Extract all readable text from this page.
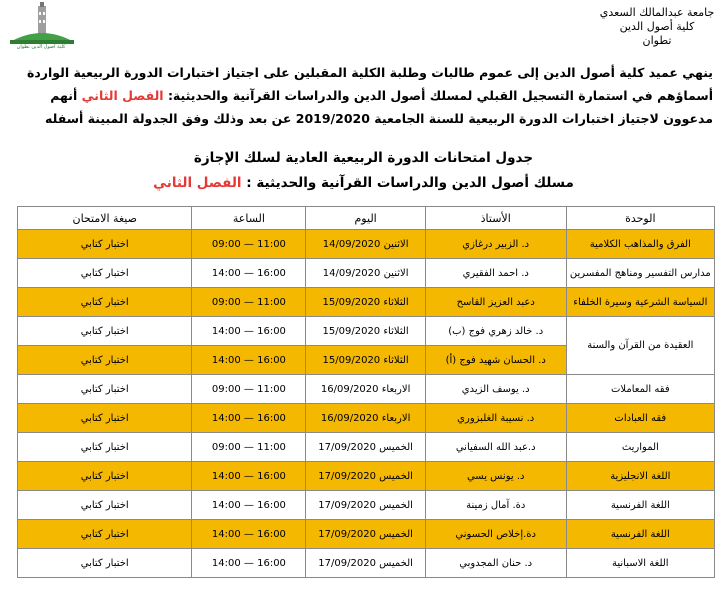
جامعة عبدالمالك السعدي
كلية أصول الدين
تطوان
كلية أصول الدين تطوان
ينهي عميد كلية أصول الدين إلى عموم طالبات وطلبة الكلية المقبلين على اجتياز اختبارات الدورة الربيعية الواردة
أسماؤهم في استمارة التسجيل القبلي لمسلك أصول الدين والدراسات القرآنية والحديثية: الفصل الثاني أنهم
مدعوون لاجتياز اختبارات الدورة الربيعية للسنة الجامعية 2019/2020 عن بعد وذلك وفق الجدولة المبينة أسفله
جدول امتحانات الدورة الربيعية العادية لسلك الإجازة
مسلك أصول الدين والدراسات القرآنية والحديثية : الفصل الثاني
الوحدة	الأستاذ	اليوم	الساعة	صيغة الامتحان
الفرق والمذاهب الكلامية	د. الزبير درغازي	الاثنين 14/09/2020	09:00 — 11:00	اختبار كتابي
مدارس التفسير ومناهج المفسرين	د. احمد الفقيري	الاثنين 14/09/2020	14:00 — 16:00	اختبار كتابي
السياسة الشرعية وسيرة الخلفاء	دعبد العزيز القاسح	الثلاثاء 15/09/2020	09:00 — 11:00	اختبار كتابي
العقيدة من القرآن والسنة	د. خالد زهري فوج (ب)	الثلاثاء 15/09/2020	14:00 — 16:00	اختبار كتابي
	د. الحسان شهيد فوج (أ)	الثلاثاء 15/09/2020	14:00 — 16:00	اختبار كتابي
فقه المعاملات	د. يوسف الزيدي	الاربعاء 16/09/2020	09:00 — 11:00	اختبار كتابي
فقه العبادات	د. نسيبة الغلبزوري	الاربعاء 16/09/2020	14:00 — 16:00	اختبار كتابي
المواريث	د.عبد الله السفياني	الخميس 17/09/2020	09:00 — 11:00	اختبار كتابي
اللغة الانجليزية	د. يونس يسي	الخميس 17/09/2020	14:00 — 16:00	اختبار كتابي
اللغة الفرنسية	دة. آمال زمينة	الخميس 17/09/2020	14:00 — 16:00	اختبار كتابي
اللغة الفرنسية	دة.إخلاص الحسوني	الخميس 17/09/2020	14:00 — 16:00	اختبار كتابي
اللغة الاسبانية	د. حنان المجدوبي	الخميس 17/09/2020	14:00 — 16:00	اختبار كتابي
